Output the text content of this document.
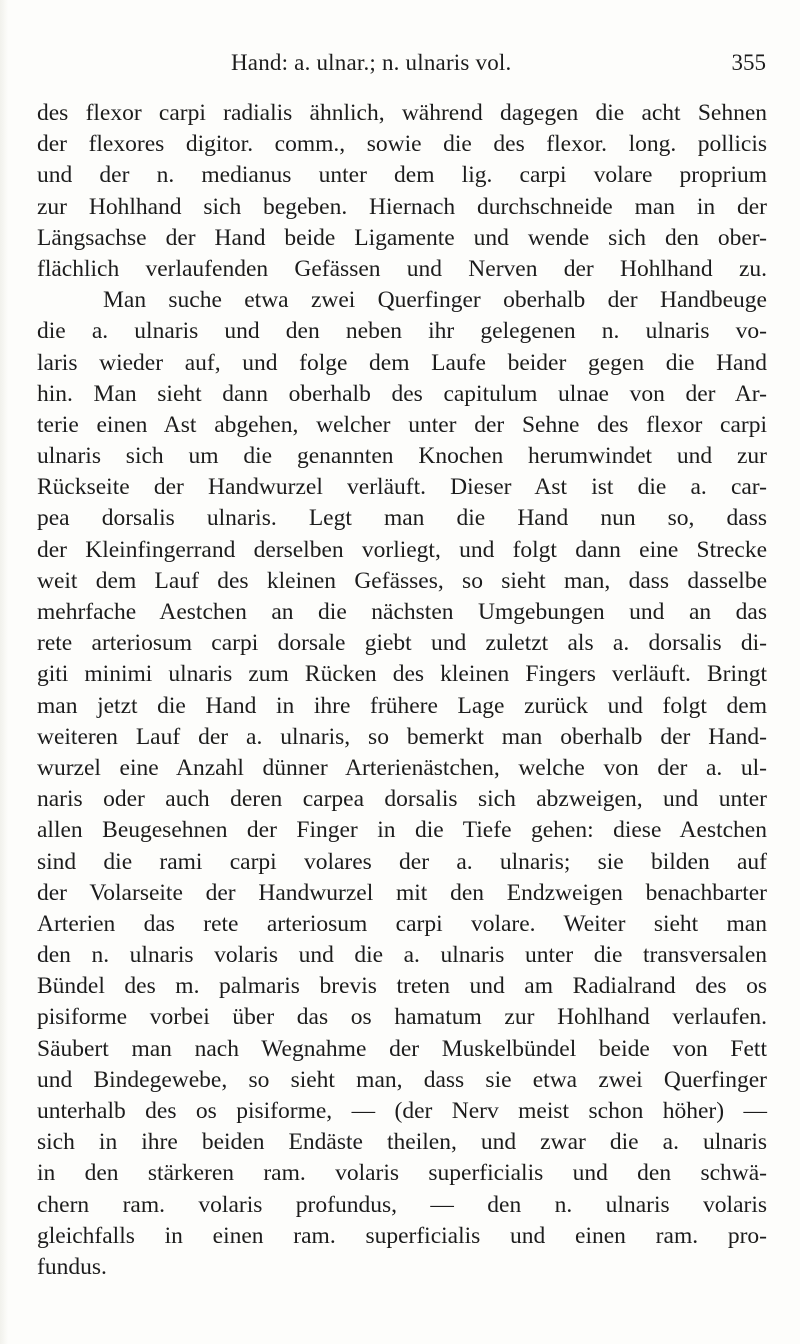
Hand: a. ulnar.; n. ulnaris vol.	355
des flexor carpi radialis ähnlich, während dagegen die acht Sehnen
der flexores digitor. comm., sowie die des flexor. long. pollicis
und der n. medianus unter dem lig. carpi volare proprium
zur Hohlhand sich begeben. Hiernach durchschneide man in der
Längsachse der Hand beide Ligamente und wende sich den ober-
flächlich verlaufenden Gefässen und Nerven der Hohlhand zu.
Man suche etwa zwei Querfinger oberhalb der Handbeuge
die a. ulnaris und den neben ihr gelegenen n. ulnaris vo-
laris wieder auf, und folge dem Laufe beider gegen die Hand
hin. Man sieht dann oberhalb des capitulum ulnae von der Ar-
terie einen Ast abgehen, welcher unter der Sehne des flexor carpi
ulnaris sich um die genannten Knochen herumwindet und zur
Rückseite der Handwurzel verläuft. Dieser Ast ist die a. car-
pea dorsalis ulnaris. Legt man die Hand nun so, dass
der Kleinfingerrand derselben vorliegt, und folgt dann eine Strecke
weit dem Lauf des kleinen Gefässes, so sieht man, dass dasselbe
mehrfache Aestchen an die nächsten Umgebungen und an das
rete arteriosum carpi dorsale giebt und zuletzt als a. dorsalis di-
giti minimi ulnaris zum Rücken des kleinen Fingers verläuft. Bringt
man jetzt die Hand in ihre frühere Lage zurück und folgt dem
weiteren Lauf der a. ulnaris, so bemerkt man oberhalb der Hand-
wurzel eine Anzahl dünner Arterienästchen, welche von der a. ul-
naris oder auch deren carpea dorsalis sich abzweigen, und unter
allen Beugesehnen der Finger in die Tiefe gehen: diese Aestchen
sind die rami carpi volares der a. ulnaris; sie bilden auf
der Volarseite der Handwurzel mit den Endzweigen benachbarter
Arterien das rete arteriosum carpi volare. Weiter sieht man
den n. ulnaris volaris und die a. ulnaris unter die transversalen
Bündel des m. palmaris brevis treten und am Radialrand des os
pisiforme vorbei über das os hamatum zur Hohlhand verlaufen.
Säubert man nach Wegnahme der Muskelbündel beide von Fett
und Bindegewebe, so sieht man, dass sie etwa zwei Querfinger
unterhalb des os pisiforme, — (der Nerv meist schon höher) —
sich in ihre beiden Endäste theilen, und zwar die a. ulnaris
in den stärkeren ram. volaris superficialis und den schwä-
chern ram. volaris profundus, — den n. ulnaris volaris
gleichfalls in einen ram. superficialis und einen ram. pro-
fundus.
